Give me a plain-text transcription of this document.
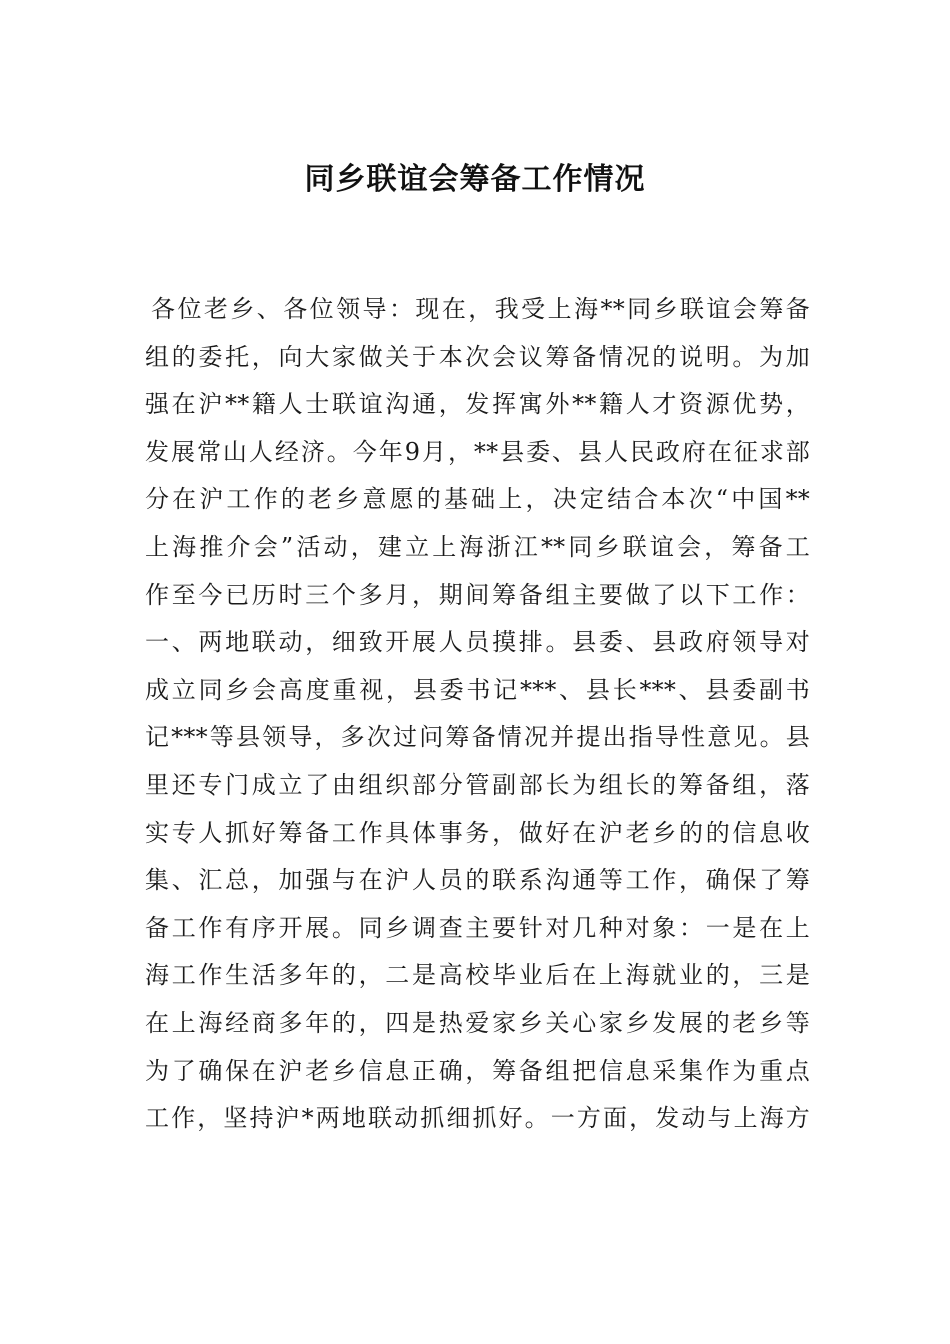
同乡联谊会筹备工作情况
各位老乡、各位领导：现在，我受上海**同乡联谊会筹备
组的委托，向大家做关于本次会议筹备情况的说明。为加
强在沪**籍人士联谊沟通，发挥寓外**籍人才资源优势，
发展常山人经济。今年9月，**县委、县人民政府在征求部
分在沪工作的老乡意愿的基础上，决定结合本次“中国**
上海推介会”活动，建立上海浙江**同乡联谊会，筹备工
作至今已历时三个多月，期间筹备组主要做了以下工作：
一、两地联动，细致开展人员摸排。县委、县政府领导对
成立同乡会高度重视，县委书记***、县长***、县委副书
记***等县领导，多次过问筹备情况并提出指导性意见。县
里还专门成立了由组织部分管副部长为组长的筹备组，落
实专人抓好筹备工作具体事务，做好在沪老乡的的信息收
集、汇总，加强与在沪人员的联系沟通等工作，确保了筹
备工作有序开展。同乡调查主要针对几种对象：一是在上
海工作生活多年的，二是高校毕业后在上海就业的，三是
在上海经商多年的，四是热爱家乡关心家乡发展的老乡等
为了确保在沪老乡信息正确，筹备组把信息采集作为重点
工作，坚持沪*两地联动抓细抓好。一方面，发动与上海方
